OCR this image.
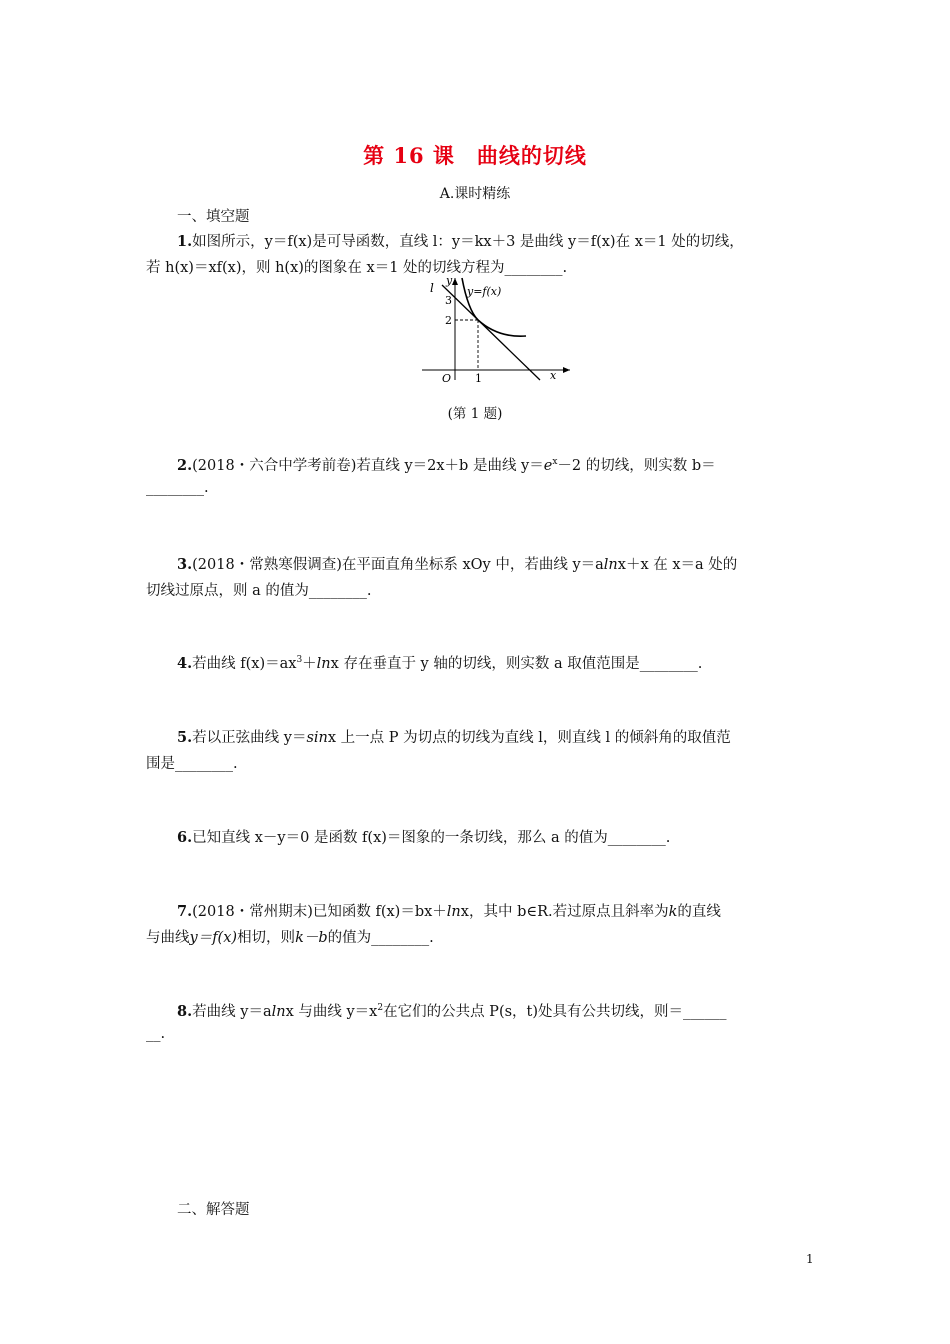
第 16 课　曲线的切线
A.课时精练
一、填空题
1.如图所示，y＝f(x)是可导函数，直线 l：y＝kx＋3 是曲线 y＝f(x)在 x＝1 处的切线，
若 h(x)＝xf(x)，则 h(x)的图象在 x＝1 处的切线方程为________.
l
y
y=f(x)
3
2
O 1	x
(第 1 题)
2.(2018・六合中学考前卷)若直线 y＝2x＋b 是曲线 $y=e^x-2$ 的切线，则实数 b＝
________.
3.(2018・常熟寒假调查)在平面直角坐标系 xOy 中，若曲线 y＝alnx＋x 在 x＝a 处的
切线过原点，则 a 的值为________.
4.若曲线 $f(x)=ax^3+\ln x$ 存在垂直于 y 轴的切线，则实数 a 取值范围是________.
5.若以正弦曲线 y＝sinx 上一点 P 为切点的切线为直线 l，则直线 l 的倾斜角的取值范
围是________.
6.已知直线 x－y＝0 是函数 f(x)＝图象的一条切线，那么 a 的值为________.
7.(2018・常州期末)已知函数 f(x)＝bx＋lnx，其中 b∈R.若过原点且斜率为k的直线
与曲线y＝f(x)相切，则k－b的值为________.
8.若曲线 y＝alnx 与曲线 $y=x^2$在它们的公共点 P(s，t)处具有公共切线，则＝______
__.
二、解答题
1
